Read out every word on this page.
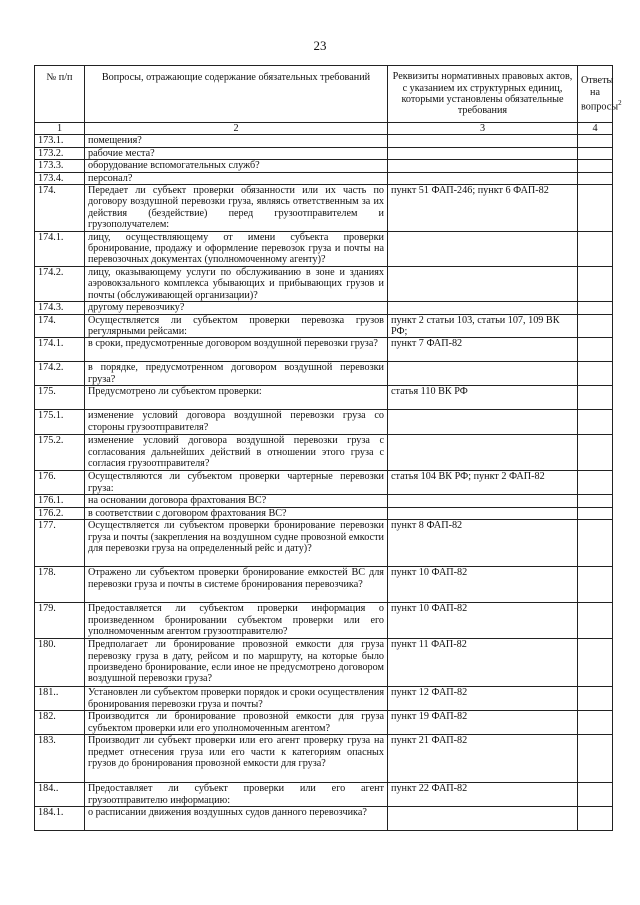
23
№ п/п	Вопросы, отражающие содержание обязательных требований	Реквизиты нормативных правовых актов, с указанием их структурных единиц, которыми установлены обязательные требования	Ответы на вопросы$^2$
1	2	3	4
173.1.	помещения?		
173.2.	рабочие места?		
173.3.	оборудование вспомогательных служб?		
173.4.	персонал?		
174.	Передает ли субъект проверки обязанности или их часть по договору воздушной перевозки груза, являясь ответственным за их действия (бездействие) перед грузоотправителем и грузополучателем:	пункт 51 ФАП-246; пункт 6 ФАП-82	
174.1.	лицу, осуществляющему от имени субъекта проверки бронирование, продажу и оформление перевозок груза и почты на перевозочных документах (уполномоченному агенту)?		
174.2.	лицу, оказывающему услуги по обслуживанию в зоне и зданиях аэровокзального комплекса убывающих и прибывающих грузов и почты (обслуживающей организации)?		
174.3.	другому перевозчику?		
174.	Осуществляется ли субъектом проверки перевозка грузов регулярными рейсами:	пункт 2 статьи 103, статьи 107, 109 ВК РФ;	
174.1.	в сроки, предусмотренные договором воздушной перевозки груза?	пункт 7 ФАП-82	
174.2.	в порядке, предусмотренном договором воздушной перевозки груза?		
175.	Предусмотрено ли субъектом проверки:	статья 110 ВК РФ	
175.1.	изменение условий договора воздушной перевозки груза со стороны грузоотправителя?		
175.2.	изменение условий договора воздушной перевозки груза с согласования дальнейших действий в отношении этого груза с согласия грузоотправителя?		
176.	Осуществляются ли субъектом проверки чартерные перевозки груза:	статья 104 ВК РФ; пункт 2 ФАП-82	
176.1.	на основании договора фрахтования ВС?		
176.2.	в соответствии с договором фрахтования ВС?		
177.	Осуществляется ли субъектом проверки бронирование перевозки груза и почты (закрепления на воздушном судне провозной емкости для перевозки груза на определенный рейс и дату)?	пункт 8 ФАП-82	
178.	Отражено ли субъектом проверки бронирование емкостей ВС для перевозки груза и почты в системе бронирования перевозчика?	пункт 10 ФАП-82	
179.	Предоставляется ли субъектом проверки информация о произведенном бронировании субъектом проверки или его уполномоченным агентом грузоотправителю?	пункт 10 ФАП-82	
180.	Предполагает ли бронирование провозной емкости для груза перевозку груза в дату, рейсом и по маршруту, на которые было произведено бронирование, если иное не предусмотрено договором воздушной перевозки груза?	пункт 11 ФАП-82	
181..	Установлен ли субъектом проверки порядок и сроки осуществления бронирования перевозки груза и почты?	пункт 12 ФАП-82	
182.	Производится ли бронирование провозной емкости для груза субъектом проверки или его уполномоченным агентом?	пункт 19 ФАП-82	
183.	Производит ли субъект проверки или его агент проверку груза на предмет отнесения груза или его части к категориям опасных грузов до бронирования провозной емкости для груза?	пункт 21 ФАП-82	
184..	Предоставляет ли субъект проверки или его агент грузоотправителю информацию:	пункт 22 ФАП-82	
184.1.	о расписании движения воздушных судов данного перевозчика?		
